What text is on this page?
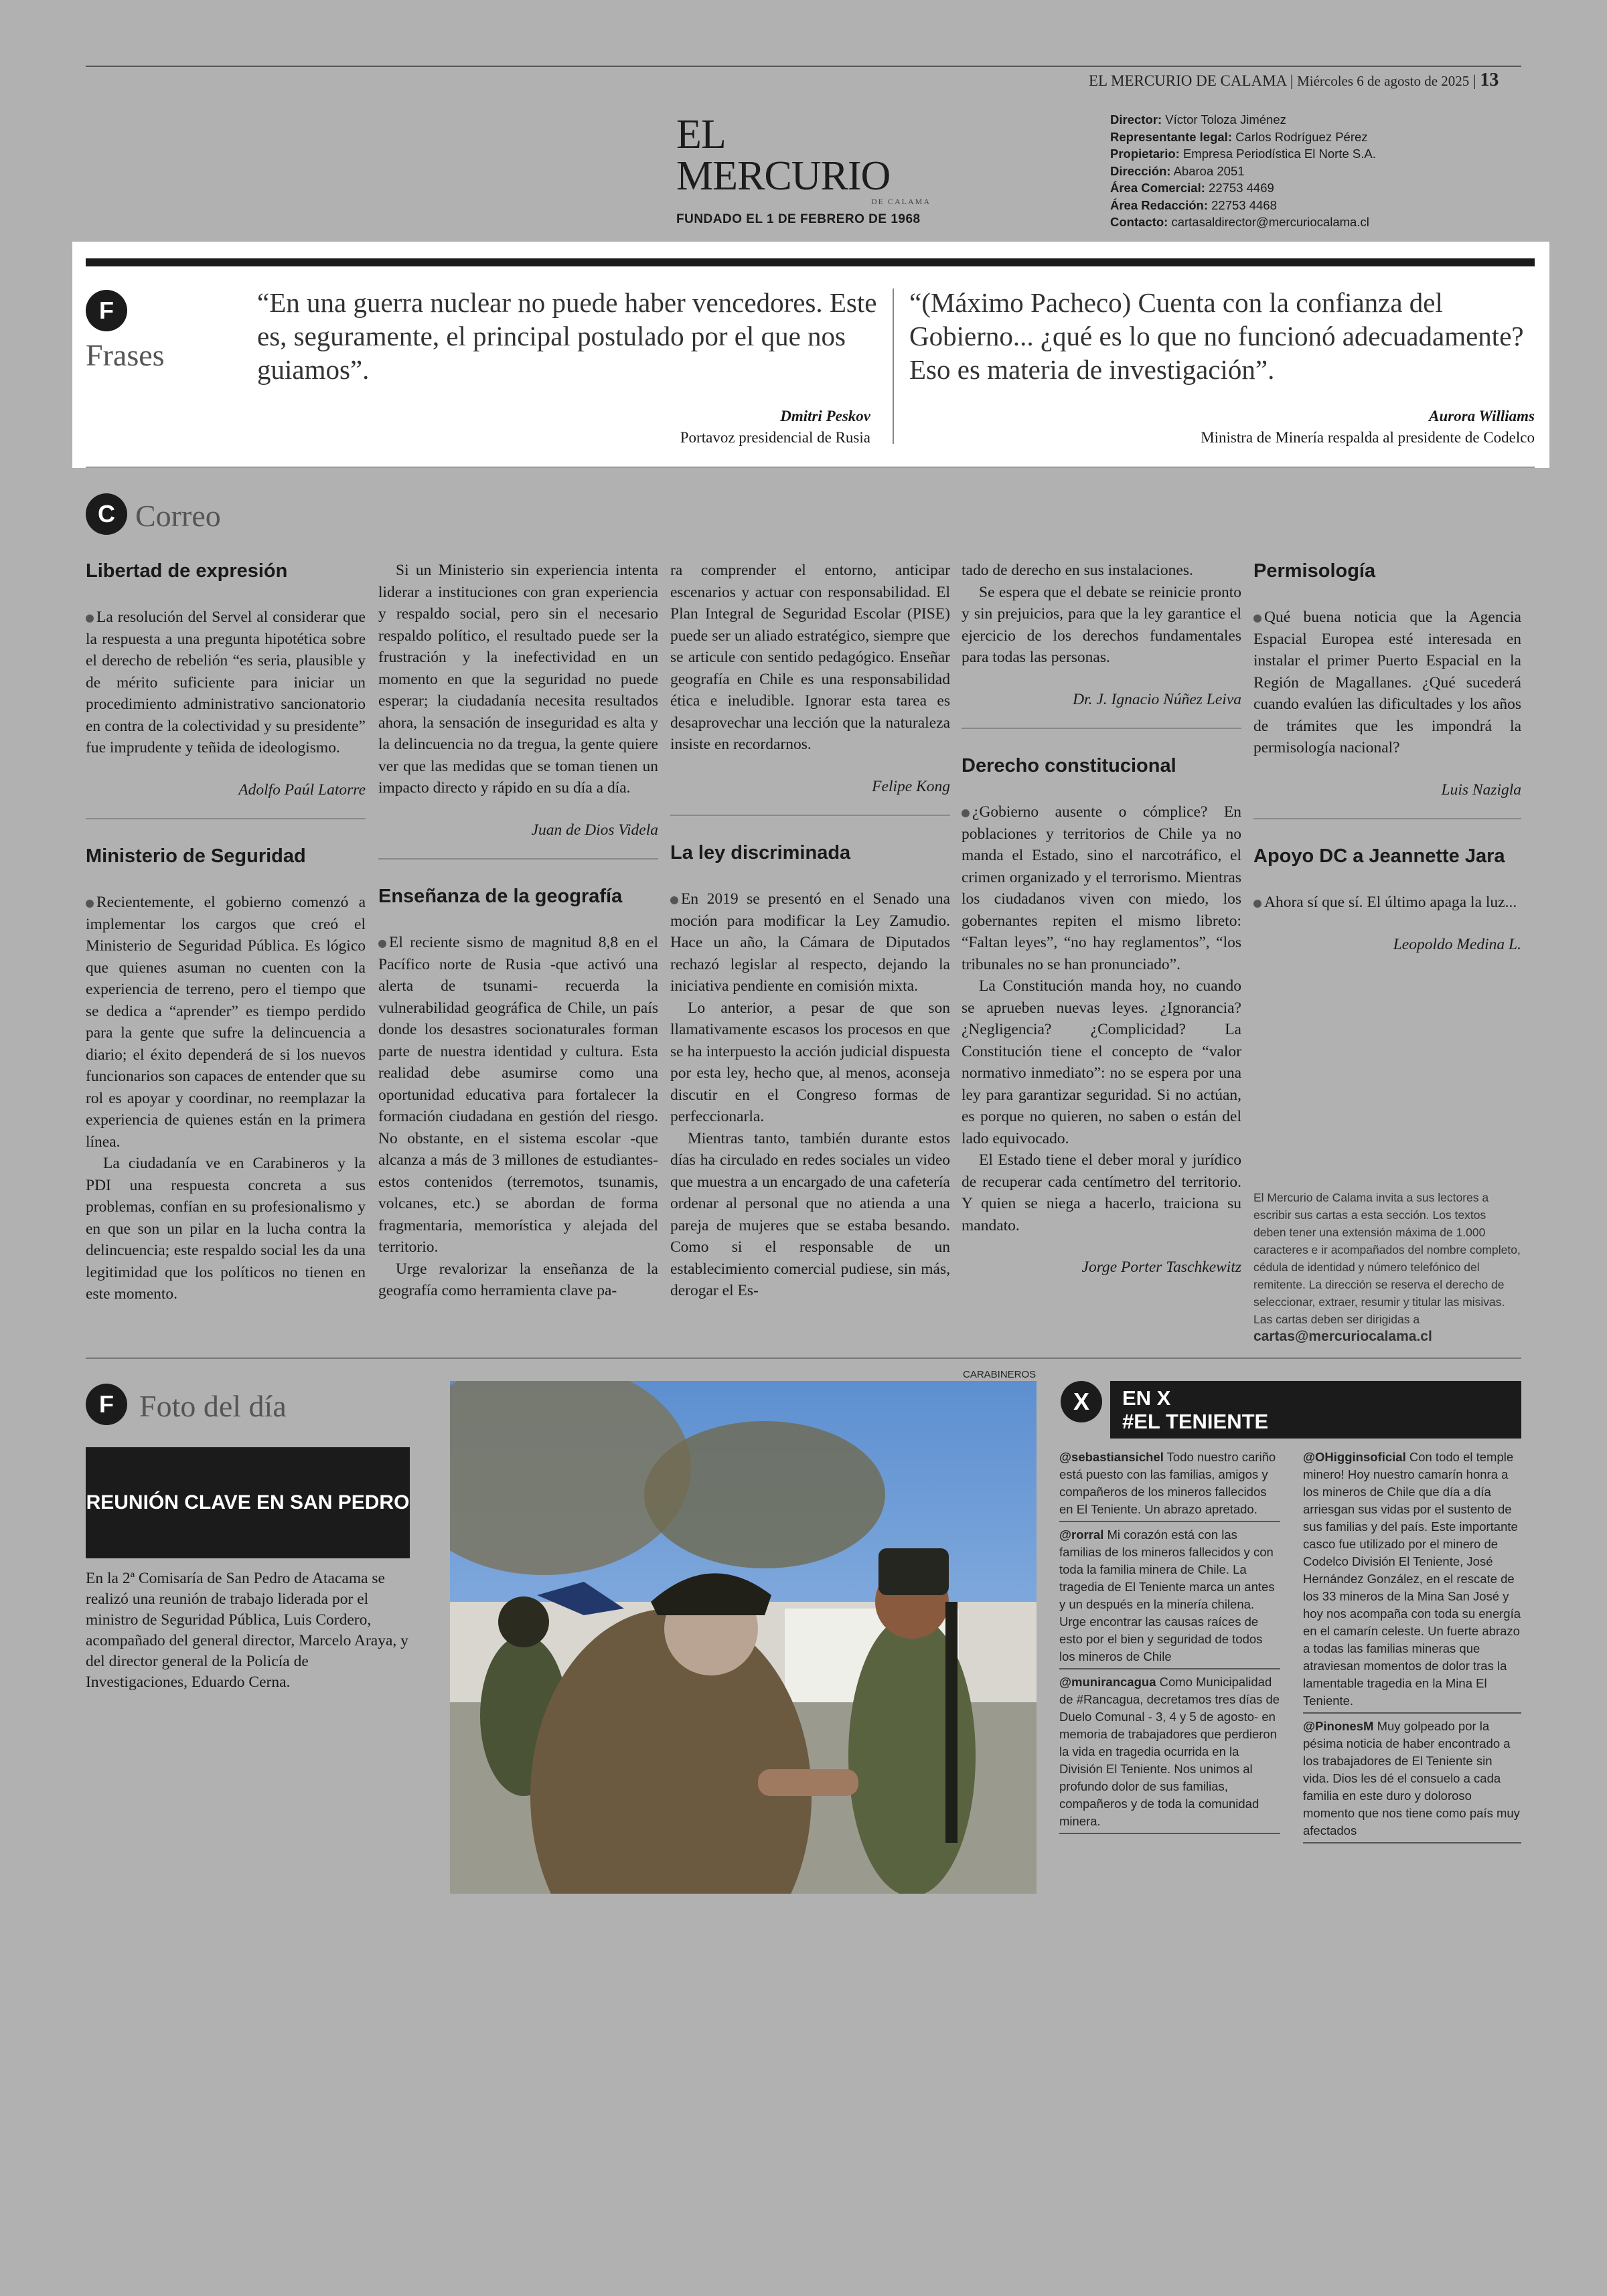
EL MERCURIO DE CALAMA | Miércoles 6 de agosto de 2025 | 13
EL MERCURIO
DE CALAMA
FUNDADO EL 1 DE FEBRERO DE 1968
Director: Víctor Toloza Jiménez
Representante legal: Carlos Rodríguez Pérez
Propietario: Empresa Periodística El Norte S.A.
Dirección: Abaroa 2051
Área Comercial: 22753 4469
Área Redacción: 22753 4468
Contacto: cartasaldirector@mercuriocalama.cl
F
Frases
“En una guerra nuclear no puede haber vencedores. Este es, seguramente, el principal postulado por el que nos guiamos”.
Dmitri Peskov
Portavoz presidencial de Rusia
“(Máximo Pacheco) Cuenta con la confianza del Gobierno... ¿qué es lo que no funcionó adecuadamente? Eso es materia de investigación”.
Aurora Williams
Ministra de Minería respalda al presidente de Codelco
C Correo
Libertad de expresión

La resolución del Servel al considerar que la respuesta a una pregunta hipotética sobre el derecho de rebelión “es seria, plausible y de mérito suficiente para iniciar un procedimiento administrativo sancionatorio en contra de la colectividad y su presidente” fue imprudente y teñida de ideologismo.

Adolfo Paúl Latorre
Ministerio de Seguridad

Recientemente, el gobierno comenzó a implementar los cargos que creó el Ministerio de Seguridad Pública. Es lógico que quienes asuman no cuenten con la experiencia de terreno, pero el tiempo que se dedica a “aprender” es tiempo perdido para la gente que sufre la delincuencia a diario; el éxito dependerá de si los nuevos funcionarios son capaces de entender que su rol es apoyar y coordinar, no reemplazar la experiencia de quienes están en la primera línea.

La ciudadanía ve en Carabineros y la PDI una respuesta concreta a sus problemas, confían en su profesionalismo y en que son un pilar en la lucha contra la delincuencia; este respaldo social les da una legitimidad que los políticos no tienen en este momento.

Si un Ministerio sin experiencia intenta liderar a instituciones con gran experiencia y respaldo social, pero sin el necesario respaldo político, el resultado puede ser la frustración y la inefectividad en un momento en que la seguridad no puede esperar; la ciudadanía necesita resultados ahora, la sensación de inseguridad es alta y la delincuencia no da tregua, la gente quiere ver que las medidas que se toman tienen un impacto directo y rápido en su día a día.

Juan de Dios Videla
Enseñanza de la geografía

El reciente sismo de magnitud 8,8 en el Pacífico norte de Rusia -que activó una alerta de tsunami- recuerda la vulnerabilidad geográfica de Chile, un país donde los desastres socionaturales forman parte de nuestra identidad y cultura. Esta realidad debe asumirse como una oportunidad educativa para fortalecer la formación ciudadana en gestión del riesgo. No obstante, en el sistema escolar -que alcanza a más de 3 millones de estudiantes- estos contenidos (terremotos, tsunamis, volcanes, etc.) se abordan de forma fragmentaria, memorística y alejada del territorio.

Urge revalorizar la enseñanza de la geografía como herramienta clave pa-

ra comprender el entorno, anticipar escenarios y actuar con responsabilidad. El Plan Integral de Seguridad Escolar (PISE) puede ser un aliado estratégico, siempre que se articule con sentido pedagógico. Enseñar geografía en Chile es una responsabilidad ética e ineludible. Ignorar esta tarea es desaprovechar una lección que la naturaleza insiste en recordarnos.

Felipe Kong
La ley discriminada

En 2019 se presentó en el Senado una moción para modificar la Ley Zamudio. Hace un año, la Cámara de Diputados rechazó legislar al respecto, dejando la iniciativa pendiente en comisión mixta.

Lo anterior, a pesar de que son llamativamente escasos los procesos en que se ha interpuesto la acción judicial dispuesta por esta ley, hecho que, al menos, aconseja discutir en el Congreso formas de perfeccionarla.

Mientras tanto, también durante estos días ha circulado en redes sociales un video que muestra a un encargado de una cafetería ordenar al personal que no atienda a una pareja de mujeres que se estaba besando. Como si el responsable de un establecimiento comercial pudiese, sin más, derogar el Es-

tado de derecho en sus instalaciones.

Se espera que el debate se reinicie pronto y sin prejuicios, para que la ley garantice el ejercicio de los derechos fundamentales para todas las personas.

Dr. J. Ignacio Núñez Leiva
Derecho constitucional

¿Gobierno ausente o cómplice? En poblaciones y territorios de Chile ya no manda el Estado, sino el narcotráfico, el crimen organizado y el terrorismo. Mientras los ciudadanos viven con miedo, los gobernantes repiten el mismo libreto: “Faltan leyes”, “no hay reglamentos”, “los tribunales no se han pronunciado”.

La Constitución manda hoy, no cuando se aprueben nuevas leyes. ¿Ignorancia? ¿Negligencia? ¿Complicidad? La Constitución tiene el concepto de “valor normativo inmediato”: no se espera por una ley para garantizar seguridad. Si no actúan, es porque no quieren, no saben o están del lado equivocado.

El Estado tiene el deber moral y jurídico de recuperar cada centímetro del territorio. Y quien se niega a hacerlo, traiciona su mandato.

Jorge Porter Taschkewitz
Permisología

Qué buena noticia que la Agencia Espacial Europea esté interesada en instalar el primer Puerto Espacial en la Región de Magallanes. ¿Qué sucederá cuando evalúen las dificultades y los años de trámites que les impondrá la permisología nacional?

Luis Nazigla
Apoyo DC a Jeannette Jara

Ahora sí que sí. El último apaga la luz...

Leopoldo Medina L.
El Mercurio de Calama invita a sus lectores a escribir sus cartas a esta sección. Los textos deben tener una extensión máxima de 1.000 caracteres e ir acompañados del nombre completo, cédula de identidad y número telefónico del remitente. La dirección se reserva el derecho de seleccionar, extraer, resumir y titular las misivas. Las cartas deben ser dirigidas a cartas@mercuriocalama.cl
F Foto del día
REUNIÓN CLAVE EN SAN PEDRO
En la 2ª Comisaría de San Pedro de Atacama se realizó una reunión de trabajo liderada por el ministro de Seguridad Pública, Luis Cordero, acompañado del general director, Marcelo Araya, y del director general de la Policía de Investigaciones, Eduardo Cerna.
CARABINEROS
X	EN X
#EL TENIENTE
@sebastiansichel Todo nuestro cariño está puesto con las familias, amigos y compañeros de los mineros fallecidos en El Teniente. Un abrazo apretado.
@rorral Mi corazón está con las familias de los mineros fallecidos y con toda la familia minera de Chile. La tragedia de El Teniente marca un antes y un después en la minería chilena. Urge encontrar las causas raíces de esto por el bien y seguridad de todos los mineros de Chile
@munirancagua Como Municipalidad de #Rancagua, decretamos tres días de Duelo Comunal - 3, 4 y 5 de agosto- en memoria de trabajadores que perdieron la vida en tragedia ocurrida en la División El Teniente. Nos unimos al profundo dolor de sus familias, compañeros y de toda la comunidad minera.
@OHigginsoficial Con todo el temple minero! Hoy nuestro camarín honra a los mineros de Chile que día a día arriesgan sus vidas por el sustento de sus familias y del país. Este importante casco fue utilizado por el minero de Codelco División El Teniente, José Hernández González, en el rescate de los 33 mineros de la Mina San José y hoy nos acompaña con toda su energía en el camarín celeste. Un fuerte abrazo a todas las familias mineras que atraviesan momentos de dolor tras la lamentable tragedia en la Mina El Teniente.
@PinonesM Muy golpeado por la pésima noticia de haber encontrado a los trabajadores de El Teniente sin vida. Dios les dé el consuelo a cada familia en este duro y doloroso momento que nos tiene como país muy afectados
